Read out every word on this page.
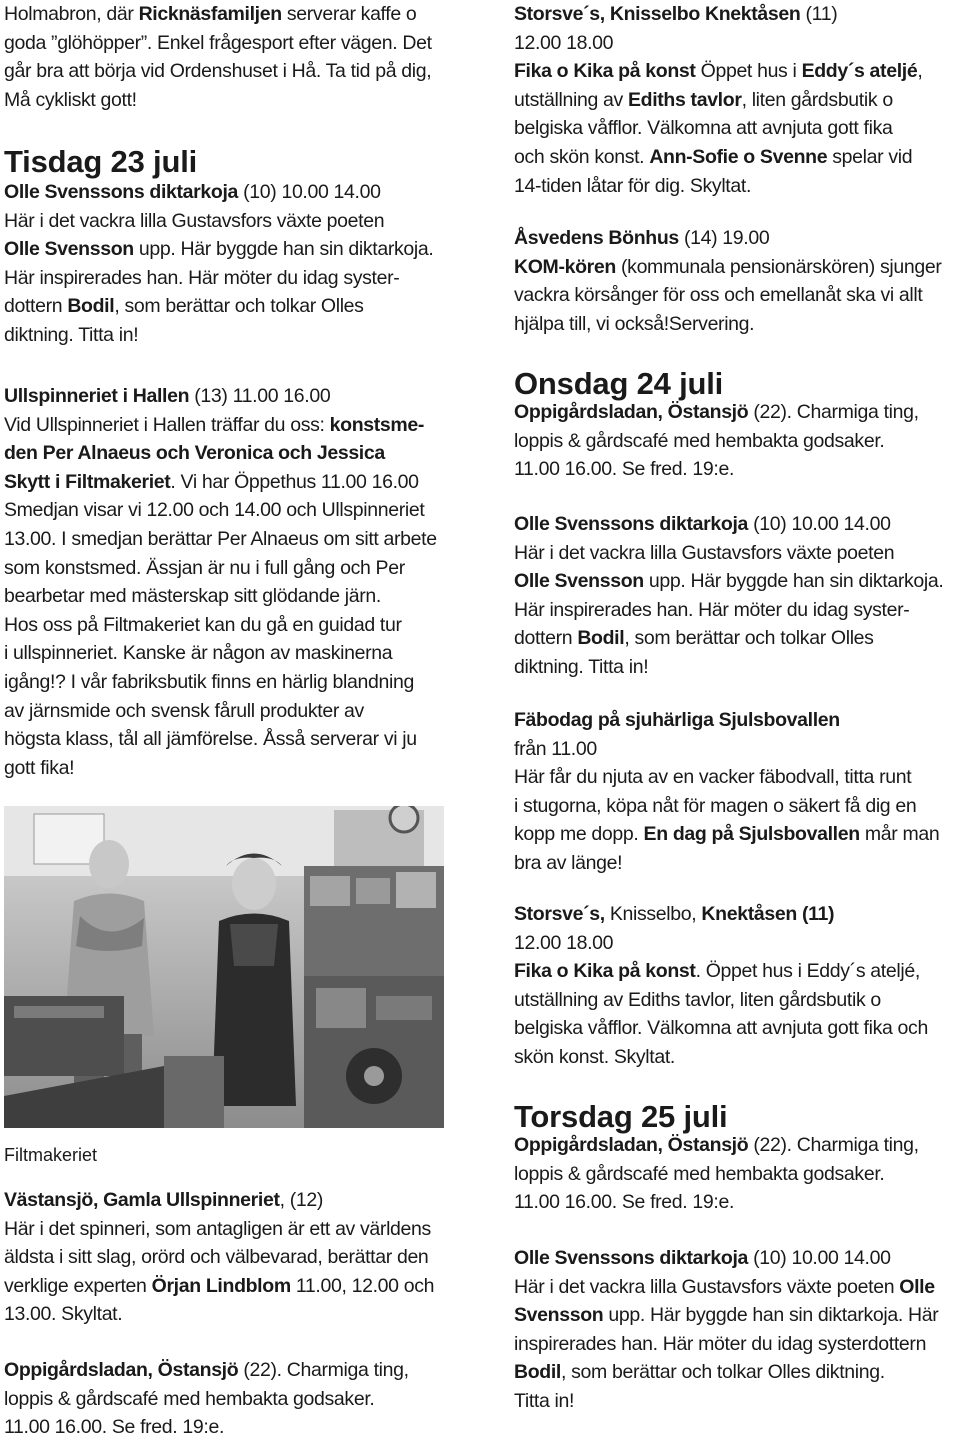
Holmabron, där Ricknäsfamiljen serverar kaffe o
goda ”glöhöpper”. Enkel frågesport efter vägen. Det
går bra att börja vid Ordenshuset i Hå. Ta tid på dig,
Må cykliskt gott!

Tisdag 23 juli

Olle Svenssons diktarkoja (10) 10.00 14.00
Här i det vackra lilla Gustavsfors växte poeten
Olle Svensson upp. Här byggde han sin diktarkoja.
Här inspirerades han. Här möter du idag syster-
dottern Bodil, som berättar och tolkar Olles
diktning. Titta in!

Ullspinneriet i Hallen (13) 11.00 16.00
Vid Ullspinneriet i Hallen träffar du oss: konstsme-
den Per Alnaeus och Veronica och Jessica
Skytt i Filtmakeriet. Vi har Öppethus 11.00 16.00
Smedjan visar vi 12.00 och 14.00 och Ullspinneriet
13.00. I smedjan berättar Per Alnaeus om sitt arbete
som konstsmed. Ässjan är nu i full gång och Per
bearbetar med mästerskap sitt glödande järn.
Hos oss på Filtmakeriet kan du gå en guidad tur
i ullspinneriet. Kanske är någon av maskinerna
igång!? I vår fabriksbutik finns en härlig blandning
av järnsmide och svensk fårull produkter av
högsta klass, tål all jämförelse. Åsså serverar vi ju
gott fika!

Filtmakeriet

Västansjö, Gamla Ullspinneriet, (12)
Här i det spinneri, som antagligen är ett av världens
äldsta i sitt slag, orörd och välbevarad, berättar den
verklige experten Örjan Lindblom 11.00, 12.00 och
13.00. Skyltat.

Oppigårdsladan, Östansjö (22). Charmiga ting,
loppis & gårdscafé med hembakta godsaker.
11.00 16.00. Se fred. 19:e.

Storsve´s, Knisselbo Knektåsen (11)
12.00 18.00
Fika o Kika på konst Öppet hus i Eddy´s ateljé,
utställning av Ediths tavlor, liten gårdsbutik o
belgiska våfflor. Välkomna att avnjuta gott fika
och skön konst. Ann-Sofie o Svenne spelar vid
14-tiden låtar för dig. Skyltat.

Åsvedens Bönhus (14) 19.00
KOM-kören (kommunala pensionärskören) sjunger
vackra körsånger för oss och emellanåt ska vi allt
hjälpa till, vi också!Servering.

Onsdag 24 juli

Oppigårdsladan, Östansjö (22). Charmiga ting,
loppis & gårdscafé med hembakta godsaker.
11.00 16.00. Se fred. 19:e.

Olle Svenssons diktarkoja (10) 10.00 14.00
Här i det vackra lilla Gustavsfors växte poeten
Olle Svensson upp. Här byggde han sin diktarkoja.
Här inspirerades han. Här möter du idag syster-
dottern Bodil, som berättar och tolkar Olles
diktning. Titta in!

Fäbodag på sjuhärliga Sjulsbovallen
från 11.00
Här får du njuta av en vacker fäbodvall, titta runt
i stugorna, köpa nåt för magen o säkert få dig en
kopp me dopp. En dag på Sjulsbovallen mår man
bra av länge!

Storsve´s, Knisselbo, Knektåsen (11)
12.00 18.00
Fika o Kika på konst. Öppet hus i Eddy´s ateljé,
utställning av Ediths tavlor, liten gårdsbutik o
belgiska våfflor. Välkomna att avnjuta gott fika och
skön konst. Skyltat.

Torsdag 25 juli

Oppigårdsladan, Östansjö (22). Charmiga ting,
loppis & gårdscafé med hembakta godsaker.
11.00 16.00. Se fred. 19:e.

Olle Svenssons diktarkoja (10) 10.00 14.00
Här i det vackra lilla Gustavsfors växte poeten Olle
Svensson upp. Här byggde han sin diktarkoja. Här
inspirerades han. Här möter du idag systerdottern
Bodil, som berättar och tolkar Olles diktning.
Titta in!
